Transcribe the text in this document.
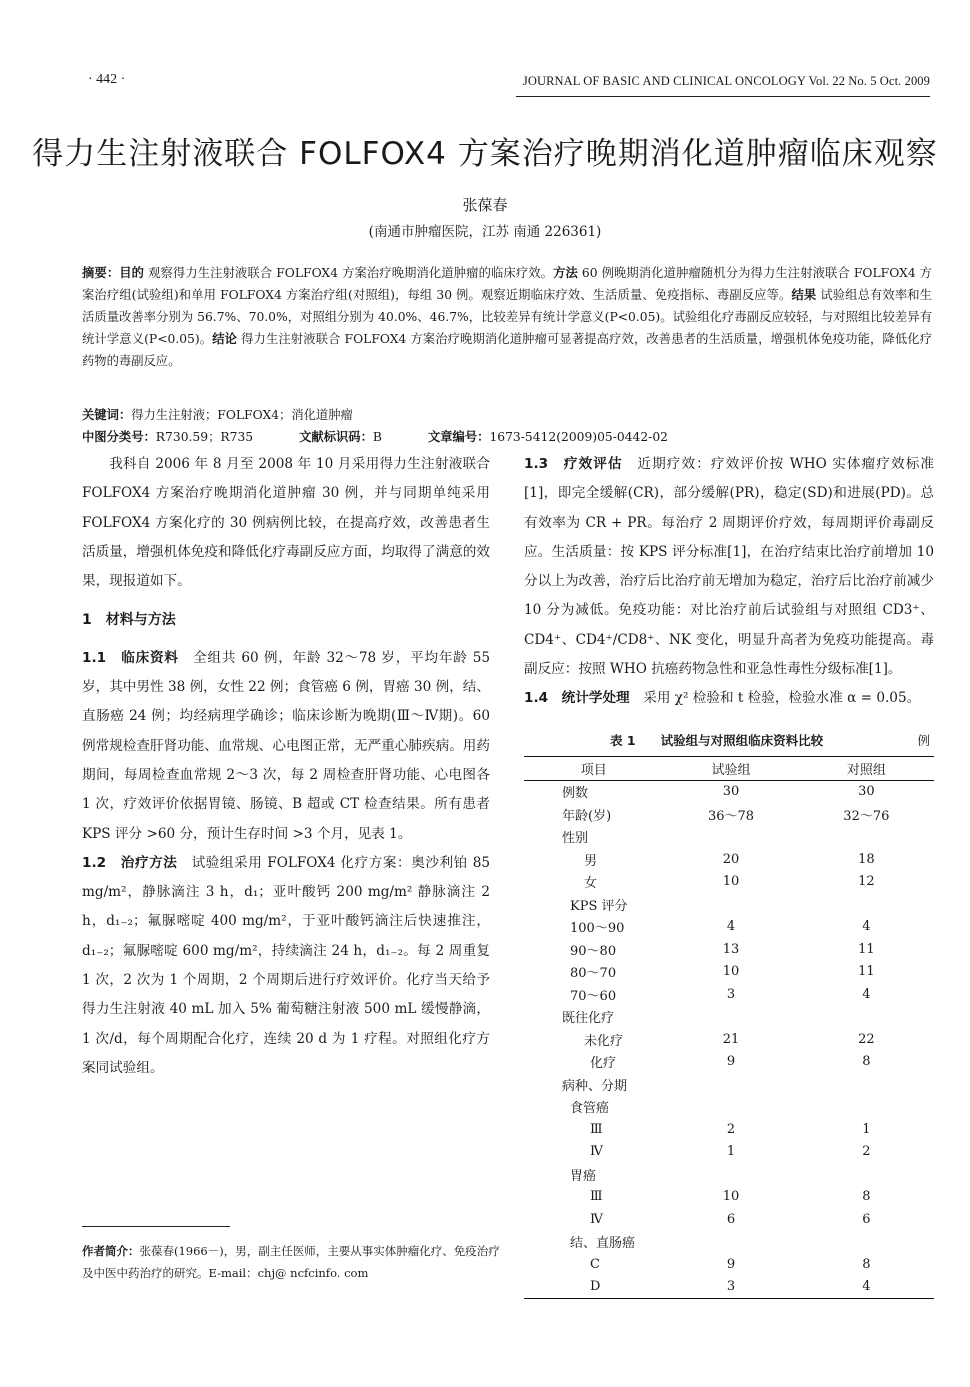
· 442 ·	JOURNAL OF BASIC AND CLINICAL ONCOLOGY Vol. 22 No. 5 Oct. 2009
得力生注射液联合 FOLFOX4 方案治疗晚期消化道肿瘤临床观察
张葆春
(南通市肿瘤医院，江苏 南通 226361)
摘要：目的 观察得力生注射液联合 FOLFOX4 方案治疗晚期消化道肿瘤的临床疗效。方法 60 例晚期消化道肿瘤随机分为得力生注射液联合 FOLFOX4 方案治疗组(试验组)和单用 FOLFOX4 方案治疗组(对照组)，每组 30 例。观察近期临床疗效、生活质量、免疫指标、毒副反应等。结果 试验组总有效率和生活质量改善率分别为 56.7%、70.0%，对照组分别为 40.0%、46.7%，比较差异有统计学意义(P<0.05)。试验组化疗毒副反应较轻，与对照组比较差异有统计学意义(P<0.05)。结论 得力生注射液联合 FOLFOX4 方案治疗晚期消化道肿瘤可显著提高疗效，改善患者的生活质量，增强机体免疫功能，降低化疗药物的毒副反应。
关键词：得力生注射液；FOLFOX4；消化道肿瘤
中图分类号：R730.59；R735	文献标识码：B	文章编号：1673-5412(2009)05-0442-02

我科自 2006 年 8 月至 2008 年 10 月采用得力生注射液联合 FOLFOX4 方案治疗晚期消化道肿瘤 30 例，并与同期单纯采用 FOLFOX4 方案化疗的 30 例病例比较，在提高疗效，改善患者生活质量，增强机体免疫和降低化疗毒副反应方面，均取得了满意的效果，现报道如下。

1　材料与方法

1.1　临床资料　全组共 60 例，年龄 32～78 岁，平均年龄 55 岁，其中男性 38 例，女性 22 例；食管癌 6 例，胃癌 30 例，结、直肠癌 24 例；均经病理学确诊；临床诊断为晚期(Ⅲ～Ⅳ期)。60 例常规检查肝肾功能、血常规、心电图正常，无严重心肺疾病。用药期间，每周检查血常规 2～3 次，每 2 周检查肝肾功能、心电图各 1 次，疗效评价依据胃镜、肠镜、B 超或 CT 检查结果。所有患者 KPS 评分 >60 分，预计生存时间 >3 个月，见表 1。

1.2　治疗方法　试验组采用 FOLFOX4 化疗方案：奥沙利铂 85 mg/m²，静脉滴注 3 h，d₁；亚叶酸钙 200 mg/m² 静脉滴注 2 h，d₁₋₂；氟脲嘧啶 400 mg/m²，于亚叶酸钙滴注后快速推注，d₁₋₂；氟脲嘧啶 600 mg/m²，持续滴注 24 h，d₁₋₂。每 2 周重复 1 次，2 次为 1 个周期，2 个周期后进行疗效评价。化疗当天给予得力生注射液 40 mL 加入 5% 葡萄糖注射液 500 mL 缓慢静滴，1 次/d，每个周期配合化疗，连续 20 d 为 1 疗程。对照组化疗方案同试验组。

1.3　疗效评估　近期疗效：疗效评价按 WHO 实体瘤疗效标准[1]，即完全缓解(CR)，部分缓解(PR)，稳定(SD)和进展(PD)。总有效率为 CR + PR。每治疗 2 周期评价疗效，每周期评价毒副反应。生活质量：按 KPS 评分标准[1]，在治疗结束比治疗前增加 10 分以上为改善，治疗后比治疗前无增加为稳定，治疗后比治疗前减少 10 分为减低。免疫功能：对比治疗前后试验组与对照组 CD3⁺、CD4⁺、CD4⁺/CD8⁺、NK 变化，明显升高者为免疫功能提高。毒副反应：按照 WHO 抗癌药物急性和亚急性毒性分级标准[1]。

1.4　统计学处理　采用 χ² 检验和 t 检验，检验水准 α = 0.05。

表 1　　 试验组与对照组临床资料比较	例
项目	试验组	对照组
例数	30	30
年龄(岁)	36～78	32～76
性别		
男	20	18
女	10	12
KPS 评分		
100～90	4	4
90～80	13	11
80～70	10	11
70～60	3	4
既往化疗		
未化疗	21	22
化疗	9	8
病种、分期		
食管癌		
Ⅲ	2	1
Ⅳ	1	2
胃癌		
Ⅲ	10	8
Ⅳ	6	6
结、直肠癌		
C	9	8
D	3	4
作者简介：张葆春(1966－)，男，副主任医师，主要从事实体肿瘤化疗、免疫治疗及中医中药治疗的研究。E-mail：chj@ ncfcinfo. com
